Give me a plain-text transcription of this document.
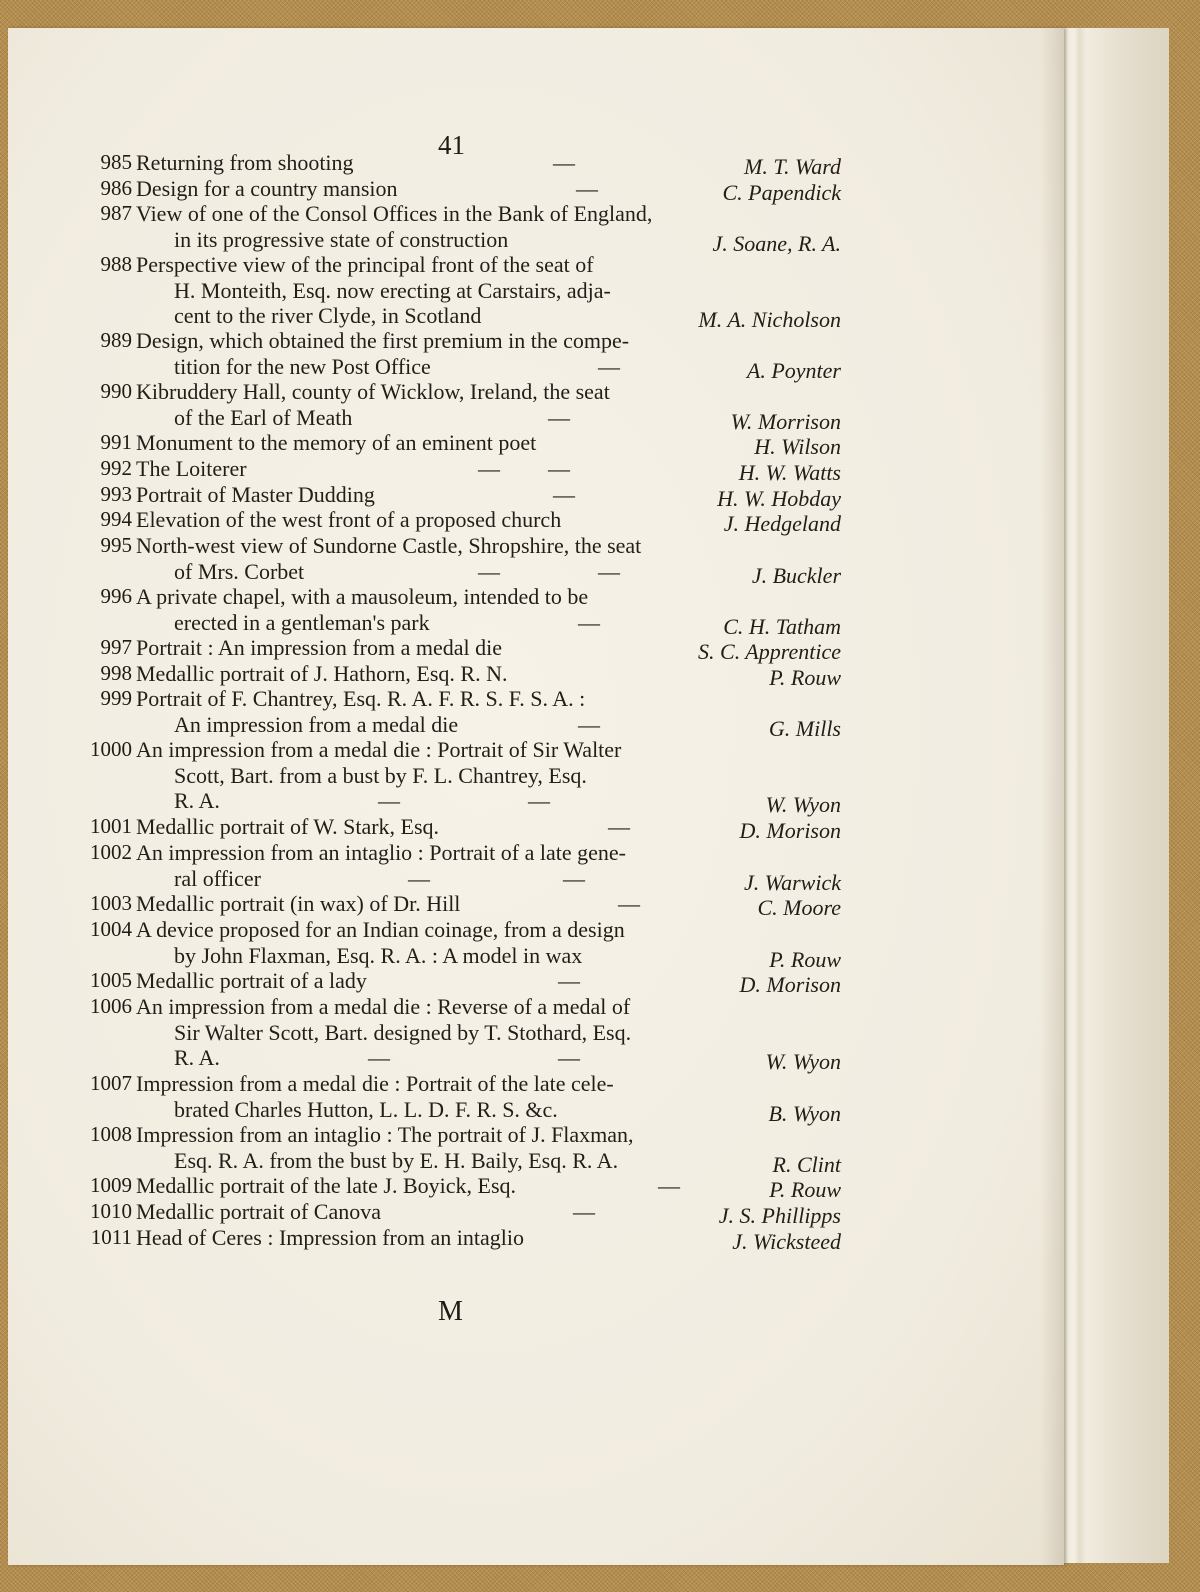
41
985 Returning from shooting	—	M. T. Ward
986 Design for a country mansion	—	C. Papendick
987 View of one of the Consol Offices in the Bank of England,
in its progressive state of construction	J. Soane, R. A.
988 Perspective view of the principal front of the seat of
H. Monteith, Esq. now erecting at Carstairs, adja-
cent to the river Clyde, in Scotland	M. A. Nicholson
989 Design, which obtained the first premium in the compe-
tition for the new Post Office	—	A. Poynter
990 Kibruddery Hall, county of Wicklow, Ireland, the seat
of the Earl of Meath	—	W. Morrison
991 Monument to the memory of an eminent poet	H. Wilson
992 The Loiterer	— —	H. W. Watts
993 Portrait of Master Dudding	—	H. W. Hobday
994 Elevation of the west front of a proposed church	J. Hedgeland
995 North-west view of Sundorne Castle, Shropshire, the seat
of Mrs. Corbet	—	—	J. Buckler
996 A private chapel, with a mausoleum, intended to be
erected in a gentleman's park	—	C. H. Tatham
997 Portrait : An impression from a medal die	S. C. Apprentice
998 Medallic portrait of J. Hathorn, Esq. R. N.	P. Rouw
999 Portrait of F. Chantrey, Esq. R. A. F. R. S. F. S. A. :
An impression from a medal die	—	G. Mills
1000 An impression from a medal die : Portrait of Sir Walter
Scott, Bart. from a bust by F. L. Chantrey, Esq.
R. A.	—	—	W. Wyon
1001 Medallic portrait of W. Stark, Esq.	—	D. Morison
1002 An impression from an intaglio : Portrait of a late gene-
ral officer	—	—	J. Warwick
1003 Medallic portrait (in wax) of Dr. Hill	—	C. Moore
1004 A device proposed for an Indian coinage, from a design
by John Flaxman, Esq. R. A. : A model in wax	P. Rouw
1005 Medallic portrait of a lady	—	D. Morison
1006 An impression from a medal die : Reverse of a medal of
Sir Walter Scott, Bart. designed by T. Stothard, Esq.
R. A.	—	—	W. Wyon
1007 Impression from a medal die : Portrait of the late cele-
brated Charles Hutton, L. L. D. F. R. S. &c.	B. Wyon
1008 Impression from an intaglio : The portrait of J. Flaxman,
Esq. R. A. from the bust by E. H. Baily, Esq. R. A.	R. Clint
1009 Medallic portrait of the late J. Boyick, Esq.	—	P. Rouw
1010 Medallic portrait of Canova	—	J. S. Phillipps
1011 Head of Ceres : Impression from an intaglio	J. Wicksteed
M
